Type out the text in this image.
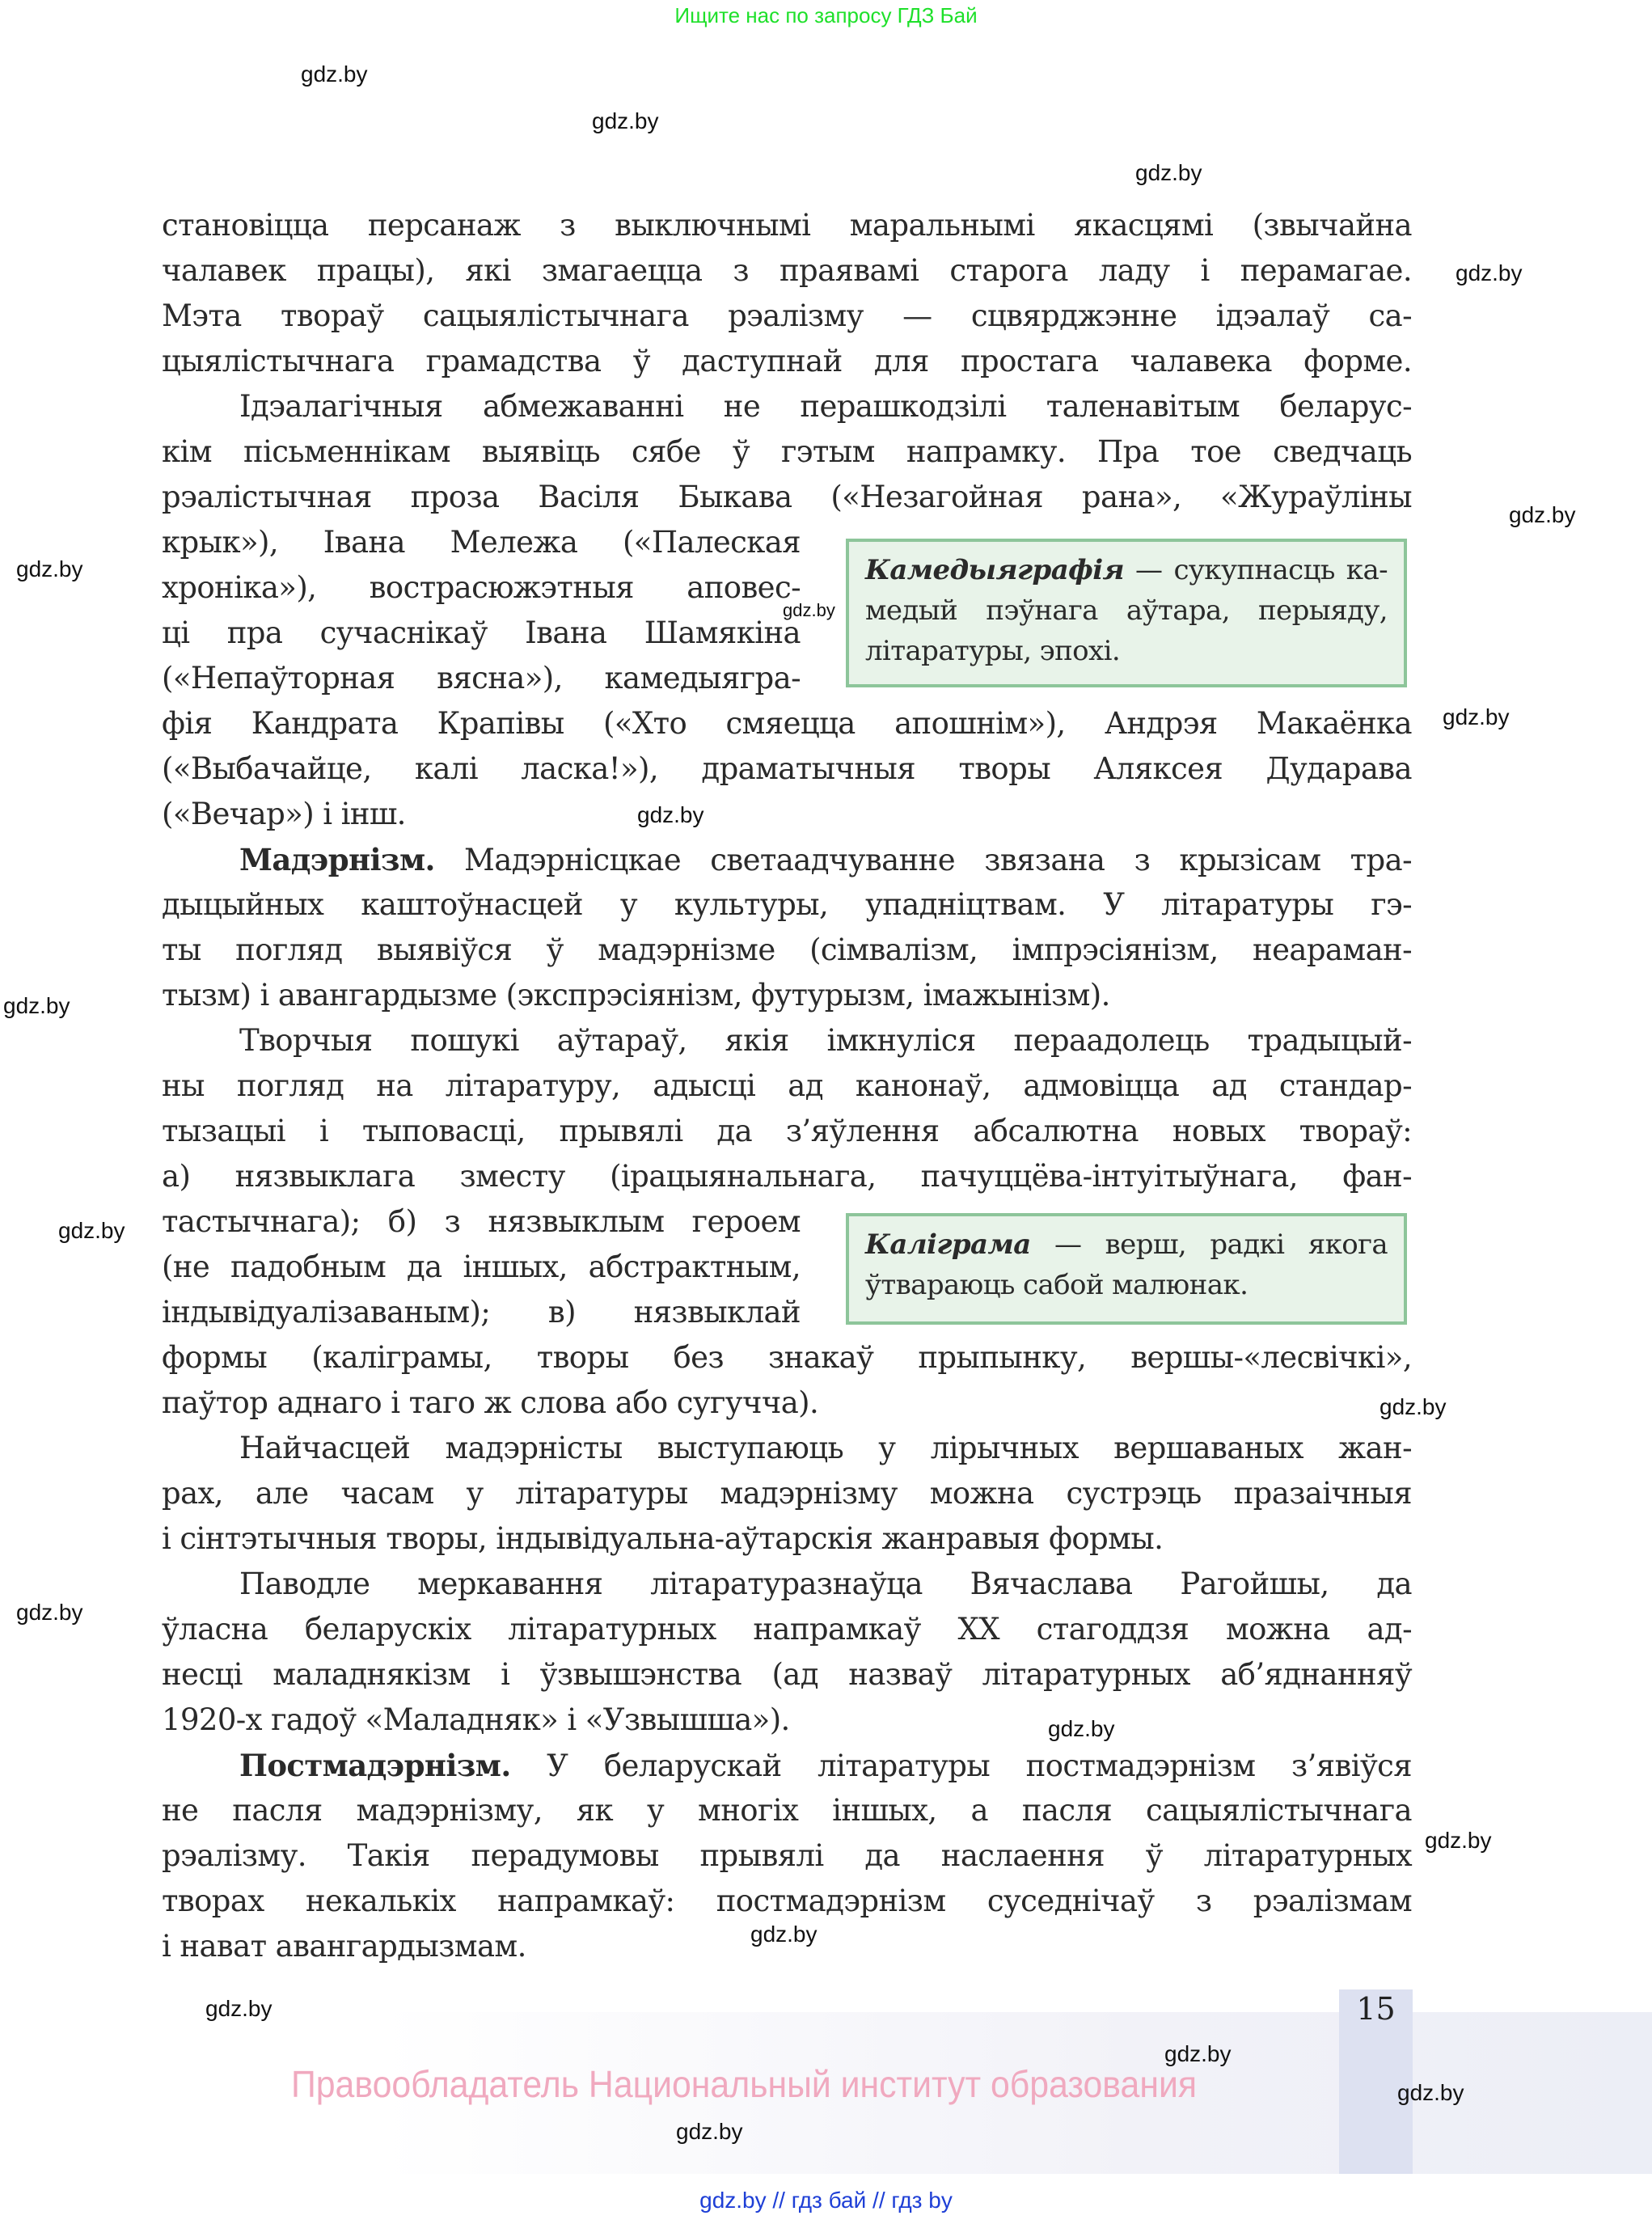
Ищите нас по запросу ГДЗ Бай
gdz.by
gdz.by
gdz.by
gdz.by
gdz.by
gdz.by
gdz.by
gdz.by
gdz.by
gdz.by
gdz.by
gdz.by
gdz.by
gdz.by
gdz.by
gdz.by
gdz.by
становіцца персанаж з выключнымі маральнымі якасцямі (звычайна
чалавек працы), які змагаецца з праявамі старога ладу і перамагае.
Мэта твораў сацыялістычнага рэалізму — сцвярджэнне ідэалаў са-
цыялістычнага грамадства ў даступнай для простага чалавека форме.
Ідэалагічныя абмежаванні не перашкодзілі таленавітым беларус-
кім пісьменнікам выявіць сябе ў гэтым напрамку. Пра тое сведчаць
рэалістычная проза Васіля Быкава («Незагойная рана», «Жураўліны
крык»), Івана Мележа («Палеская
хроніка»), вострасюжэтныя аповес-
ці пра сучаснікаў Івана Шамякіна
(«Непаўторная вясна»), камедыягра-
фія Кандрата Крапівы («Хто смяецца апошнім»), Андрэя Макаёнка
(«Выбачайце, калі ласка!»), драматычныя творы Аляксея Дударава
(«Вечар») і інш.
Мадэрнізм. Мадэрнісцкае светаадчуванне звязана з крызісам тра-
дыцыйных каштоўнасцей у культуры, упадніцтвам. У літаратуры гэ-
ты погляд выявіўся ў мадэрнізме (сімвалізм, імпрэсіянізм, неараман-
тызм) і авангардызме (экспрэсіянізм, футурызм, імажынізм).
Творчыя пошукі аўтараў, якія імкнуліся пераадолець традыцый-
ны погляд на літаратуру, адысці ад канонаў, адмовіцца ад стандар-
тызацыі і тыповасці, прывялі да з’яўлення абсалютна новых твораў:
а) нязвыклага зместу (ірацыянальнага, пачуццёва-інтуітыўнага, фан-
тастычнага); б) з нязвыклым героем
(не падобным да іншых, абстрактным,
індывідуалізаваным); в) нязвыклай
формы (каліграмы, творы без знакаў прыпынку, вершы-«лесвічкі»,
паўтор аднаго і таго ж слова або сугучча).
Найчасцей мадэрністы выступаюць у лірычных вершаваных жан-
рах, але часам у літаратуры мадэрнізму можна сустрэць празаічныя
і сінтэтычныя творы, індывідуальна-аўтарскія жанравыя формы.
Паводле меркавання літаратуразнаўца Вячаслава Рагойшы, да
ўласна беларускіх літаратурных напрамкаў XX стагоддзя можна ад-
несці маладнякізм і ўзвышэнства (ад назваў літаратурных аб’яднанняў
1920-х гадоў «Маладняк» і «Узвышша»).
Постмадэрнізм. У беларускай літаратуры постмадэрнізм з’явіўся
не пасля мадэрнізму, як у многіх іншых, а пасля сацыялістычнага
рэалізму. Такія перадумовы прывялі да наслаення ў літаратурных
творах некалькіх напрамкаў: постмадэрнізм суседнічаў з рэалізмам
і нават авангардызмам.
Камедыяграфія — сукупнасць ка-
медый пэўнага аўтара, перыяду,
літаратуры, эпохі.
Каліграма — верш, радкі якога
ўтвараюць сабой малюнак.
15
Правообладатель Национальный институт образования
gdz.by
gdz.by
gdz.by
gdz.by // гдз бай // гдз by
